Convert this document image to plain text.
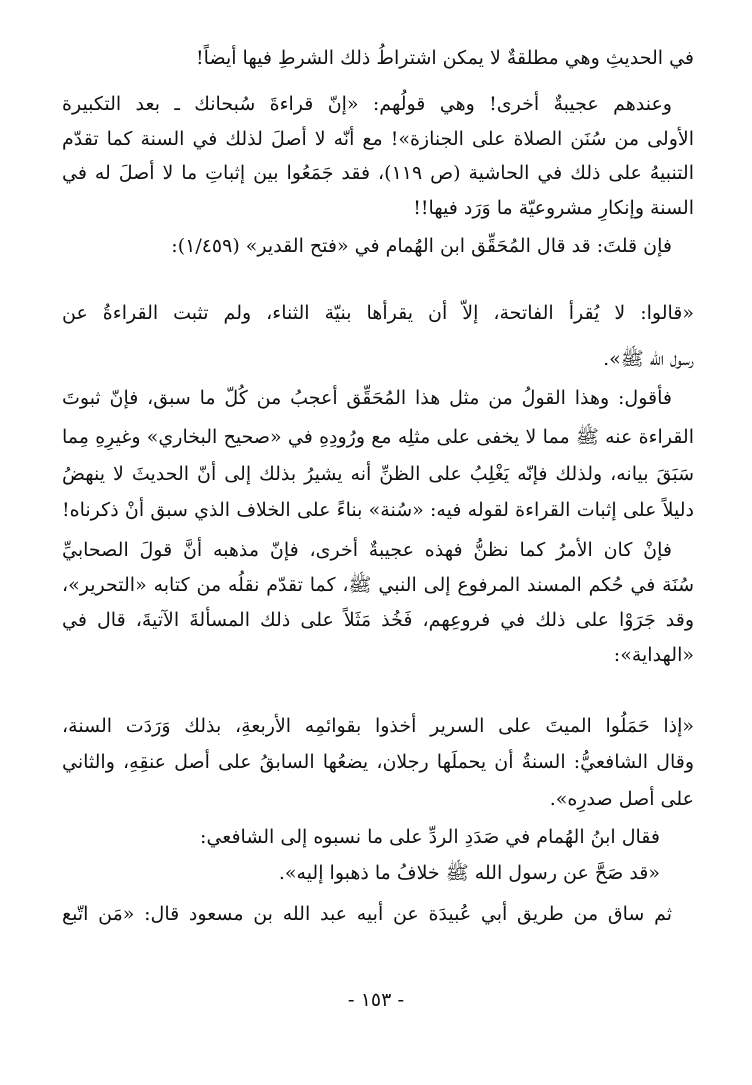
في الحديثِ وهي مطلقةٌ لا يمكن اشتراطُ ذلك الشرطِ فيها أيضاً!
وعندهم عجيبةٌ أخرى! وهي قولُهم: «إنّ قراءةَ سُبحانك ـ بعد التكبيرة
الأولى من سُنَن الصلاة على الجنازة»! مع أنّه لا أصلَ لذلك في السنة كما تقدّم
التنبيهُ على ذلك في الحاشية (ص ١١٩)، فقد جَمَعُوا بين إثباتِ ما لا أصلَ له في
السنة وإنكارِ مشروعيّة ما وَرَد فيها!!
فإن قلتَ: قد قال المُحَقِّق ابن الهُمام في «فتح القدير» (١/٤٥٩):
«قالوا: لا يُقرأ الفاتحة، إلاّ أن يقرأها بنيّة الثناء، ولم تثبت القراءةُ عن
رسول الله ﷺ».
فأقول: وهذا القولُ من مثل هذا المُحَقِّق أعجبُ من كُلّ ما سبق، فإنّ ثبوتَ
القراءة عنه ﷺ مما لا يخفى على مثلِه مع ورُودِهِ في «صحيح البخاري» وغيرِهِ مِما
سَبَقَ بيانه، ولذلك فإنّه يَغْلِبُ على الظنِّ أنه يشيرُ بذلك إلى أنّ الحديثَ لا ينهضُ
دليلاً على إثبات القراءة لقوله فيه: «سُنة» بناءً على الخلاف الذي سبق أنْ ذكرناه!
فإنْ كان الأمرُ كما نظنُّ فهذه عجيبةٌ أخرى، فإنّ مذهبه أنَّ قولَ الصحابيِّ
سُنَة في حُكم المسند المرفوع إلى النبي ﷺ، كما تقدّم نقلُه من كتابه «التحرير»،
وقد جَرَوْا على ذلك في فروعِهم، فَخُذ مَثَلاً على ذلك المسألةَ الآتيةَ، قال في
«الهداية»:
«إذا حَمَلُوا الميتَ على السرير أخذوا بقوائمِه الأربعةِ، بذلك وَرَدَت السنة،
وقال الشافعيُّ: السنةُ أن يحملَها رجلان، يضعُها السابقُ على أصل عنقِهِ، والثاني
على أصل صدرِه».
فقال ابنُ الهُمام في صَدَدِ الردِّ على ما نسبوه إلى الشافعي:
«قد صَحَّ عن رسول الله ﷺ خلافُ ما ذهبوا إليه».
ثم ساق من طريق أبي عُبيدَة عن أبيه عبد الله بن مسعود قال: «مَن اتّبع
- ١٥٣ -
